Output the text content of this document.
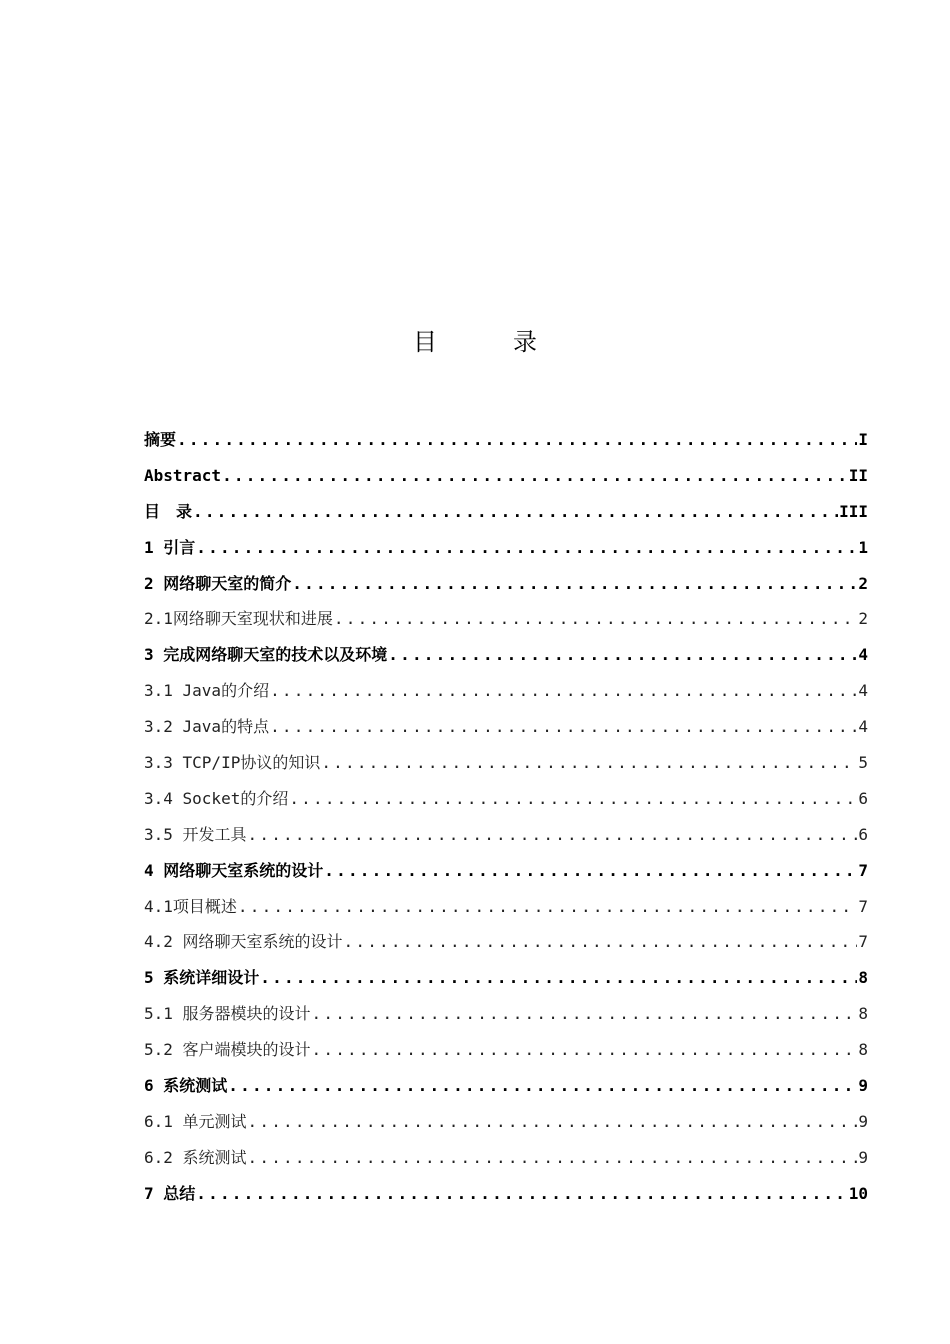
目　录
摘要 .....	I
Abstract .....	II
目　录 .....	III
1 引言 .....	1
2 网络聊天室的简介 .....	2
2.1网络聊天室现状和进展 .....	2
3 完成网络聊天室的技术以及环境 .....	4
3.1 Java的介绍 .....	4
3.2 Java的特点 .....	4
3.3 TCP/IP协议的知识 .....	5
3.4 Socket的介绍 .....	6
3.5 开发工具 .....	6
4 网络聊天室系统的设计 .....	7
4.1项目概述 .....	7
4.2 网络聊天室系统的设计 .....	7
5 系统详细设计 .....	8
5.1 服务器模块的设计 .....	8
5.2 客户端模块的设计 .....	8
6 系统测试 .....	9
6.1 单元测试 .....	9
6.2 系统测试 .....	9
7 总结 .....	10
